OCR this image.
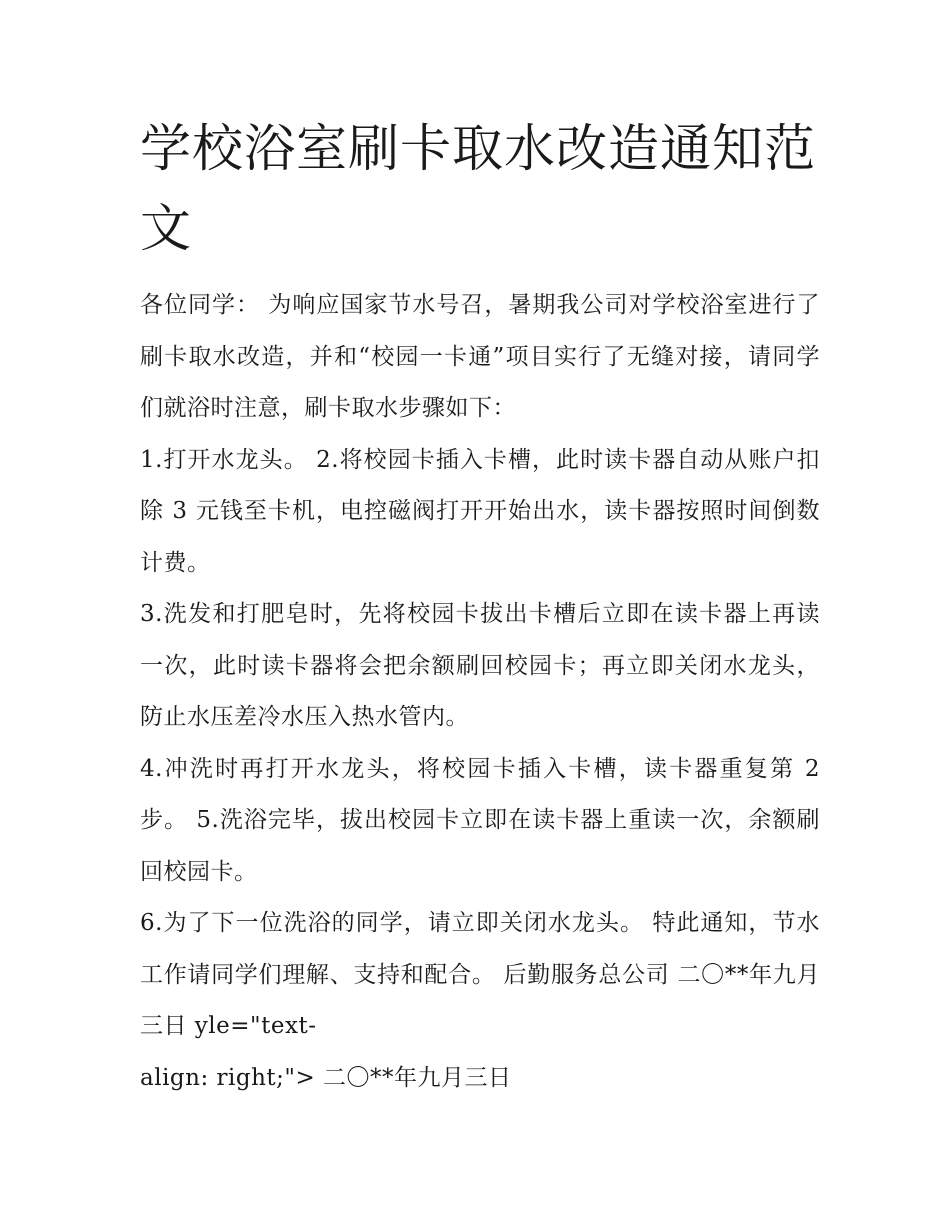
学校浴室刷卡取水改造通知范文

各位同学： 为响应国家节水号召，暑期我公司对学校浴室进行了刷卡取水改造，并和“校园一卡通”项目实行了无缝对接，请同学们就浴时注意，刷卡取水步骤如下：

1.打开水龙头。 2.将校园卡插入卡槽，此时读卡器自动从账户扣除 3 元钱至卡机，电控磁阀打开开始出水，读卡器按照时间倒数计费。

3.洗发和打肥皂时，先将校园卡拔出卡槽后立即在读卡器上再读一次，此时读卡器将会把余额刷回校园卡；再立即关闭水龙头，防止水压差冷水压入热水管内。

4.冲洗时再打开水龙头，将校园卡插入卡槽，读卡器重复第 2 步。 5.洗浴完毕，拔出校园卡立即在读卡器上重读一次，余额刷回校园卡。

6.为了下一位洗浴的同学，请立即关闭水龙头。 特此通知，节水工作请同学们理解、支持和配合。 后勤服务总公司 二〇**年九月三日 yle="text-

align: right;"> 二〇**年九月三日
